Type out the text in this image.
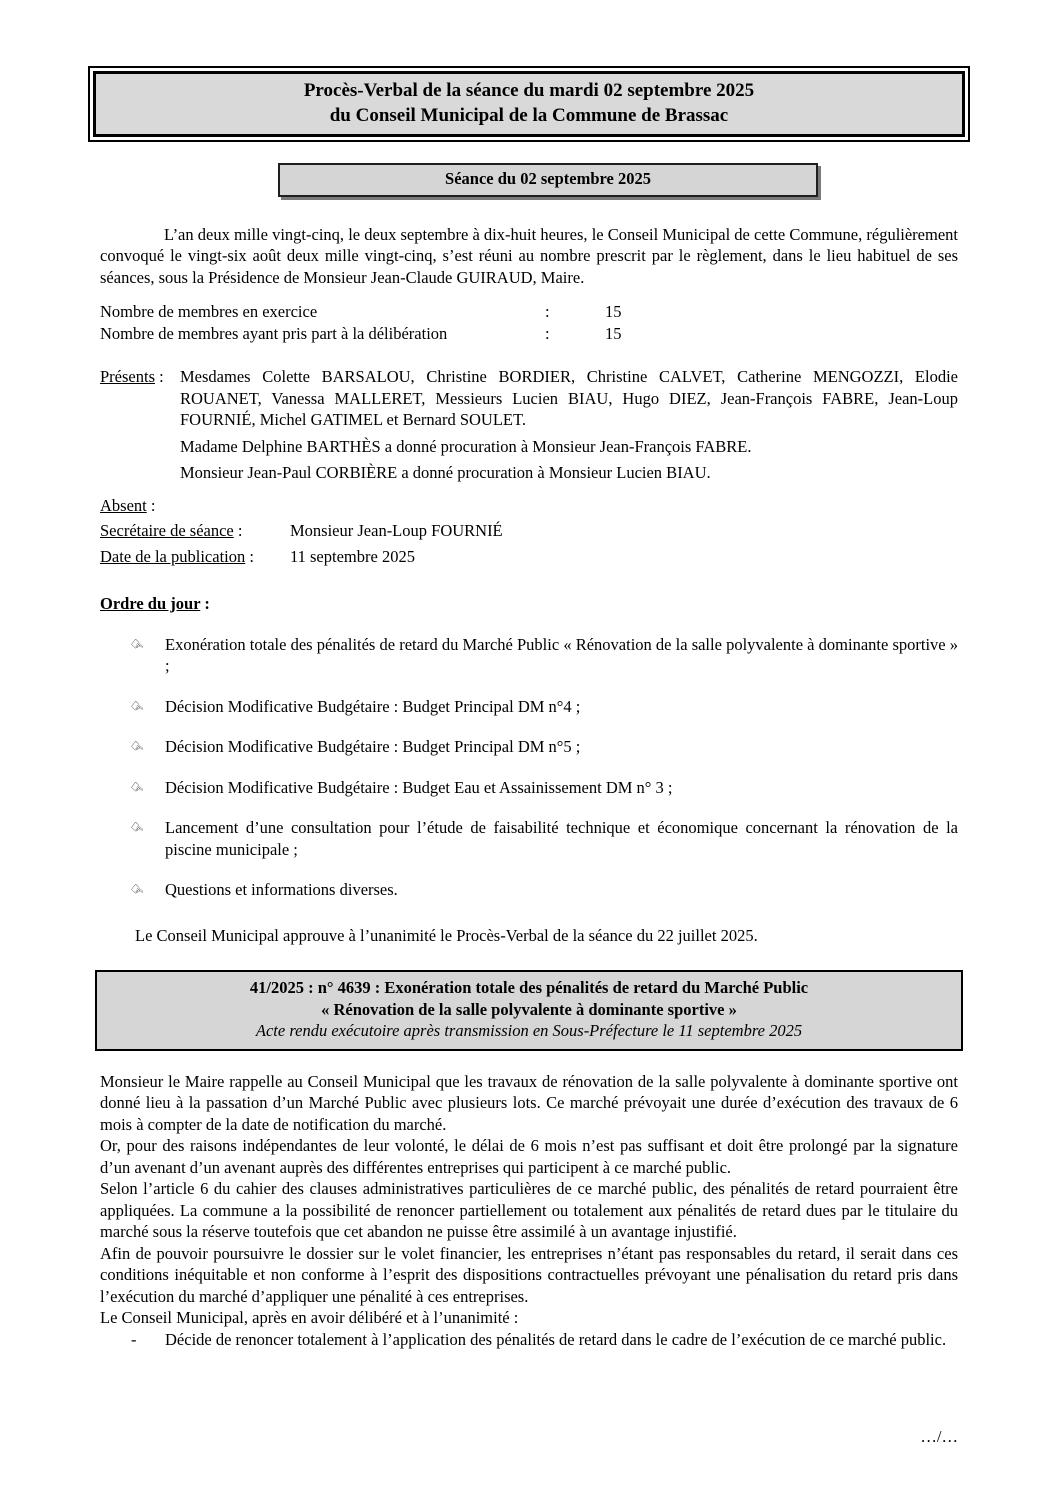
Procès-Verbal de la séance du mardi 02 septembre 2025
du Conseil Municipal de la Commune de Brassac
Séance du 02 septembre 2025

L’an deux mille vingt-cinq, le deux septembre à dix-huit heures, le Conseil Municipal de cette Commune, régulièrement convoqué le vingt-six août deux mille vingt-cinq, s’est réuni au nombre prescrit par le règlement, dans le lieu habituel de ses séances, sous la Présidence de Monsieur Jean-Claude GUIRAUD, Maire.

Nombre de membres en exercice	:	15
Nombre de membres ayant pris part à la délibération	:	15
Présents : Mesdames Colette BARSALOU, Christine BORDIER, Christine CALVET, Catherine MENGOZZI, Elodie ROUANET, Vanessa MALLERET, Messieurs Lucien BIAU, Hugo DIEZ, Jean-François FABRE, Jean-Loup FOURNIÉ, Michel GATIMEL et Bernard SOULET.
Madame Delphine BARTHÈS a donné procuration à Monsieur Jean-François FABRE.
Monsieur Jean-Paul CORBIÈRE a donné procuration à Monsieur Lucien BIAU.
Absent :
Secrétaire de séance :	Monsieur Jean-Loup FOURNIÉ
Date de la publication :	11 septembre 2025
Ordre du jour :
☞ Exonération totale des pénalités de retard du Marché Public « Rénovation de la salle polyvalente à dominante sportive » ;
☞ Décision Modificative Budgétaire : Budget Principal DM n°4 ;
☞ Décision Modificative Budgétaire : Budget Principal DM n°5 ;
☞ Décision Modificative Budgétaire : Budget Eau et Assainissement DM n° 3 ;
☞ Lancement d’une consultation pour l’étude de faisabilité technique et économique concernant la rénovation de la piscine municipale ;
☞ Questions et informations diverses.
Le Conseil Municipal approuve à l’unanimité le Procès-Verbal de la séance du 22 juillet 2025.
41/2025 : n° 4639 : Exonération totale des pénalités de retard du Marché Public
« Rénovation de la salle polyvalente à dominante sportive »
Acte rendu exécutoire après transmission en Sous-Préfecture le 11 septembre 2025

Monsieur le Maire rappelle au Conseil Municipal que les travaux de rénovation de la salle polyvalente à dominante sportive ont donné lieu à la passation d’un Marché Public avec plusieurs lots. Ce marché prévoyait une durée d’exécution des travaux de 6 mois à compter de la date de notification du marché.

Or, pour des raisons indépendantes de leur volonté, le délai de 6 mois n’est pas suffisant et doit être prolongé par la signature d’un avenant d’un avenant auprès des différentes entreprises qui participent à ce marché public.

Selon l’article 6 du cahier des clauses administratives particulières de ce marché public, des pénalités de retard pourraient être appliquées. La commune a la possibilité de renoncer partiellement ou totalement aux pénalités de retard dues par le titulaire du marché sous la réserve toutefois que cet abandon ne puisse être assimilé à un avantage injustifié.

Afin de pouvoir poursuivre le dossier sur le volet financier, les entreprises n’étant pas responsables du retard, il serait dans ces conditions inéquitable et non conforme à l’esprit des dispositions contractuelles prévoyant une pénalisation du retard pris dans l’exécution du marché d’appliquer une pénalité à ces entreprises.

Le Conseil Municipal, après en avoir délibéré et à l’unanimité :

- Décide de renoncer totalement à l’application des pénalités de retard dans le cadre de l’exécution de ce marché public.
…/…
